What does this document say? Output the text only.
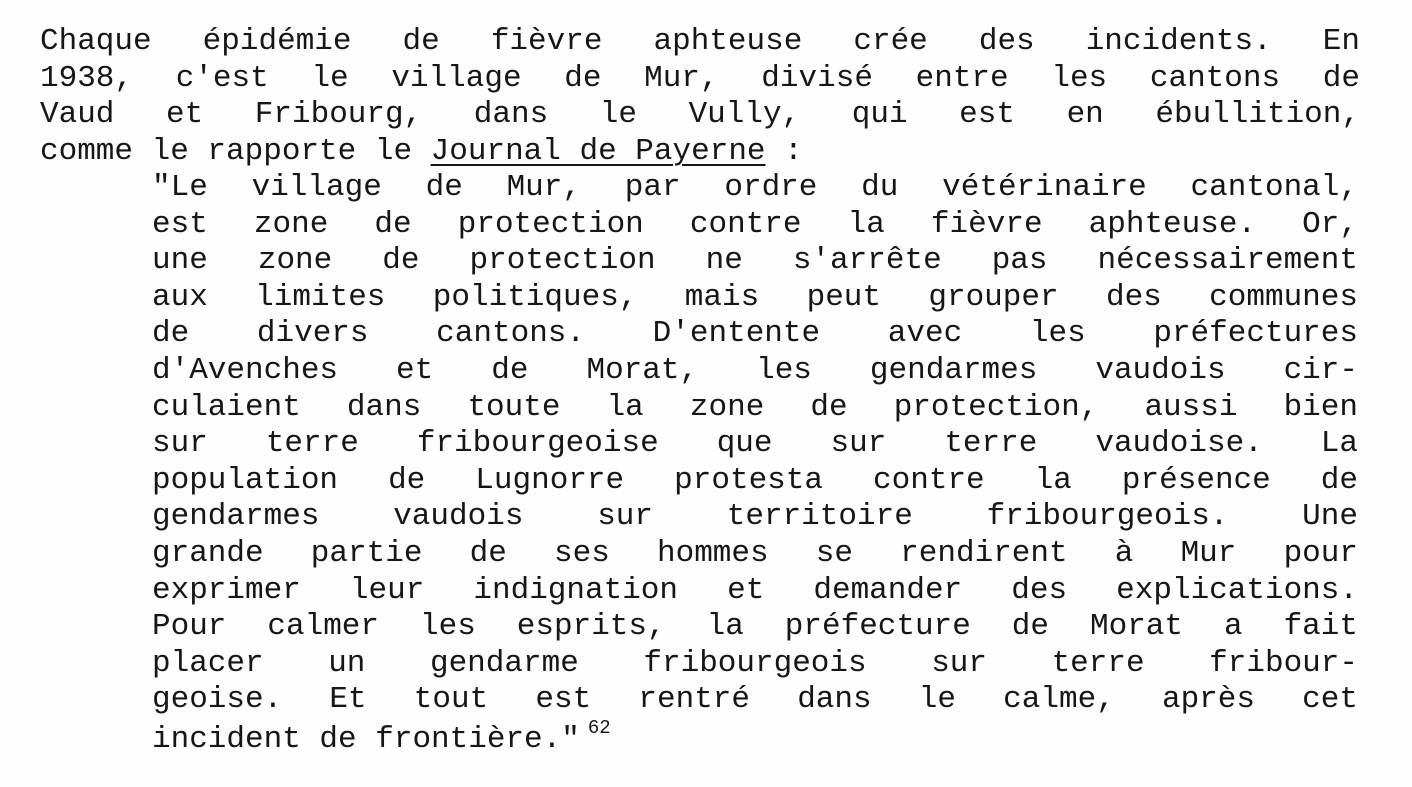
Chaque épidémie de fièvre aphteuse crée des incidents. En
1938, c'est le village de Mur, divisé entre les cantons de
Vaud et Fribourg, dans le Vully, qui est en ébullition,
comme le rapporte le Journal de Payerne :
"Le village de Mur, par ordre du vétérinaire cantonal,
est zone de protection contre la fièvre aphteuse. Or,
une zone de protection ne s'arrête pas nécessairement
aux limites politiques, mais peut grouper des communes
de divers cantons. D'entente avec les préfectures
d'Avenches et de Morat, les gendarmes vaudois cir-
culaient dans toute la zone de protection, aussi bien
sur terre fribourgeoise que sur terre vaudoise. La
population de Lugnorre protesta contre la présence de
gendarmes vaudois sur territoire fribourgeois. Une
grande partie de ses hommes se rendirent à Mur pour
exprimer leur indignation et demander des explications.
Pour calmer les esprits, la préfecture de Morat a fait
placer un gendarme fribourgeois sur terre fribour-
geoise. Et tout est rentré dans le calme, après cet
incident de frontière." $^{62}$
